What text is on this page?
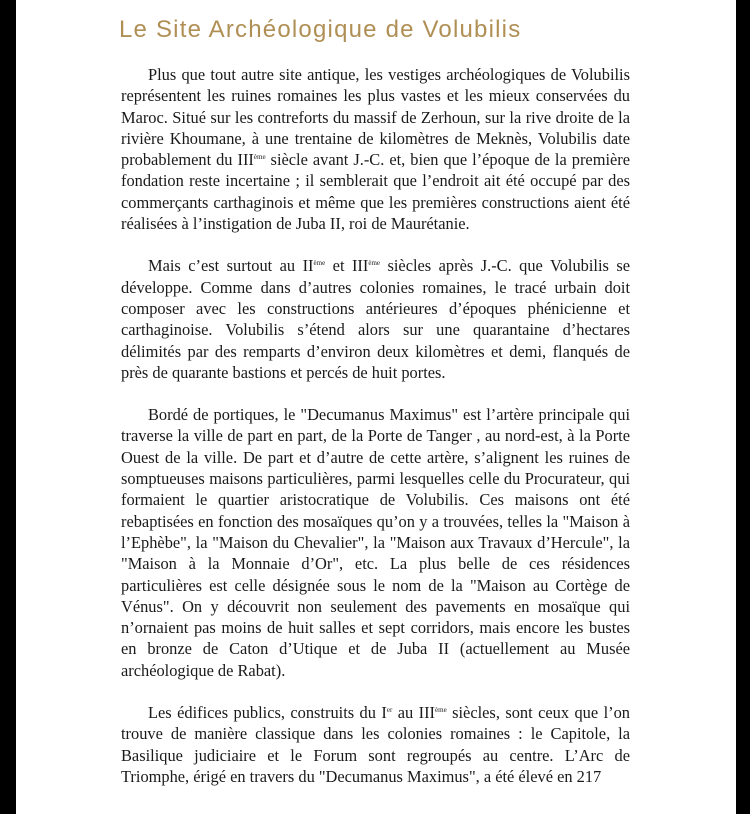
Le Site Archéologique de Volubilis

Plus que tout autre site antique, les vestiges archéologiques de Volubilis représentent les ruines romaines les plus vastes et les mieux conservées du Maroc. Situé sur les contreforts du massif de Zerhoun, sur la rive droite de la rivière Khoumane, à une trentaine de kilomètres de Meknès, Volubilis date probablement du IIIème siècle avant J.-C. et, bien que l’époque de la première fondation reste incertaine ; il semblerait que l’endroit ait été occupé par des commerçants carthaginois et même que les premières constructions aient été réalisées à l’instigation de Juba II, roi de Maurétanie.

Mais c’est surtout au IIème et IIIème siècles après J.-C. que Volubilis se développe. Comme dans d’autres colonies romaines, le tracé urbain doit composer avec les constructions antérieures d’époques phénicienne et carthaginoise. Volubilis s’étend alors sur une quarantaine d’hectares délimités par des remparts d’environ deux kilomètres et demi, flanqués de près de quarante bastions et percés de huit portes.

Bordé de portiques, le "Decumanus Maximus" est l’artère principale qui traverse la ville de part en part, de la Porte de Tanger , au nord-est, à la Porte Ouest de la ville. De part et d’autre de cette artère, s’alignent les ruines de somptueuses maisons particulières, parmi lesquelles celle du Procurateur, qui formaient le quartier aristocratique de Volubilis. Ces maisons ont été rebaptisées en fonction des mosaïques qu’on y a trouvées, telles la "Maison à l’Ephèbe", la "Maison du Chevalier", la "Maison aux Travaux d’Hercule", la "Maison à la Monnaie d’Or", etc. La plus belle de ces résidences particulières est celle désignée sous le nom de la "Maison au Cortège de Vénus". On y découvrit non seulement des pavements en mosaïque qui n’ornaient pas moins de huit salles et sept corridors, mais encore les bustes en bronze de Caton d’Utique et de Juba II (actuellement au Musée archéologique de Rabat).

Les édifices publics, construits du Ier au IIIème siècles, sont ceux que l’on trouve de manière classique dans les colonies romaines : le Capitole, la Basilique judiciaire et le Forum sont regroupés au centre. L’Arc de Triomphe, érigé en travers du "Decumanus Maximus", a été élevé en 217
